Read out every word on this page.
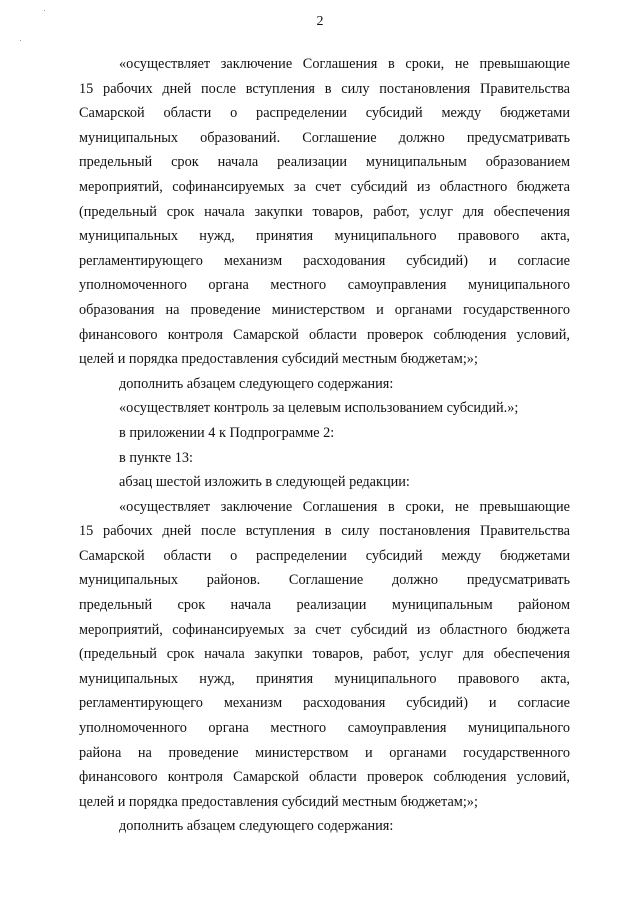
2
«осуществляет заключение Соглашения в сроки, не превышающие
15 рабочих дней после вступления в силу постановления Правительства
Самарской области о распределении субсидий между бюджетами
муниципальных образований. Соглашение должно предусматривать
предельный срок начала реализации муниципальным образованием
мероприятий, софинансируемых за счет субсидий из областного бюджета
(предельный срок начала закупки товаров, работ, услуг для обеспечения
муниципальных нужд, принятия муниципального правового акта,
регламентирующего механизм расходования субсидий) и согласие
уполномоченного органа местного самоуправления муниципального
образования на проведение министерством и органами государственного
финансового контроля Самарской области проверок соблюдения условий,
целей и порядка предоставления субсидий местным бюджетам;»;
дополнить абзацем следующего содержания:
«осуществляет контроль за целевым использованием субсидий.»;
в приложении 4 к Подпрограмме 2:
в пункте 13:
абзац шестой изложить в следующей редакции:
«осуществляет заключение Соглашения в сроки, не превышающие
15 рабочих дней после вступления в силу постановления Правительства
Самарской области о распределении субсидий между бюджетами
муниципальных районов. Соглашение должно предусматривать
предельный срок начала реализации муниципальным районом
мероприятий, софинансируемых за счет субсидий из областного бюджета
(предельный срок начала закупки товаров, работ, услуг для обеспечения
муниципальных нужд, принятия муниципального правового акта,
регламентирующего механизм расходования субсидий) и согласие
уполномоченного органа местного самоуправления муниципального
района на проведение министерством и органами государственного
финансового контроля Самарской области проверок соблюдения условий,
целей и порядка предоставления субсидий местным бюджетам;»;
дополнить абзацем следующего содержания:
